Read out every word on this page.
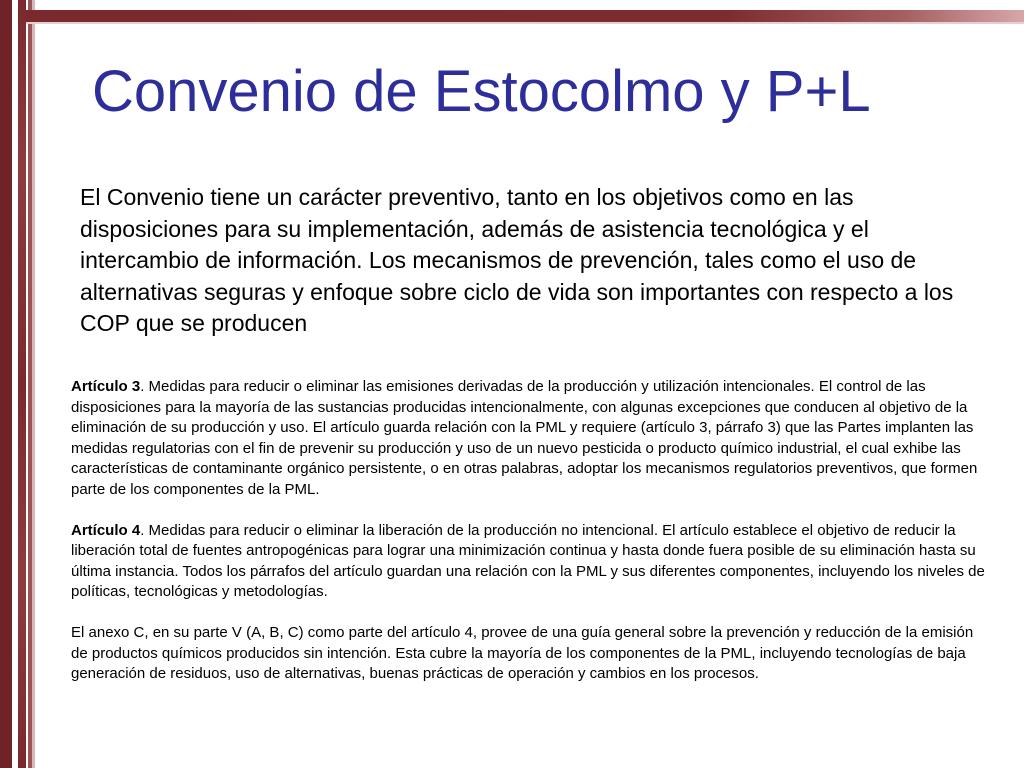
Convenio de Estocolmo y P+L

El Convenio tiene un carácter preventivo, tanto en los objetivos como en las disposiciones para su implementación, además de asistencia tecnológica y el intercambio de información. Los mecanismos de prevención, tales como el uso de alternativas seguras y enfoque sobre ciclo de vida son importantes con respecto a los COP que se producen

Artículo 3. Medidas para reducir o eliminar las emisiones derivadas de la producción y utilización intencionales. El control de las disposiciones para la mayoría de las sustancias producidas intencionalmente, con algunas excepciones que conducen al objetivo de la eliminación de su producción y uso. El artículo guarda relación con la PML y requiere (artículo 3, párrafo 3) que las Partes implanten las medidas regulatorias con el fin de prevenir su producción y uso de un nuevo pesticida o producto químico industrial, el cual exhibe las características de contaminante orgánico persistente, o en otras palabras, adoptar los mecanismos regulatorios preventivos, que formen parte de los componentes de la PML.

Artículo 4. Medidas para reducir o eliminar la liberación de la producción no intencional. El artículo establece el objetivo de reducir la liberación total de fuentes antropogénicas para lograr una minimización continua y hasta donde fuera posible de su eliminación hasta su última instancia. Todos los párrafos del artículo guardan una relación con la PML y sus diferentes componentes, incluyendo los niveles de políticas, tecnológicas y metodologías.

El anexo C, en su parte V (A, B, C) como parte del artículo 4, provee de una guía general sobre la prevención y reducción de la emisión de productos químicos producidos sin intención. Esta cubre la mayoría de los componentes de la PML, incluyendo tecnologías de baja generación de residuos, uso de alternativas, buenas prácticas de operación y cambios en los procesos.
